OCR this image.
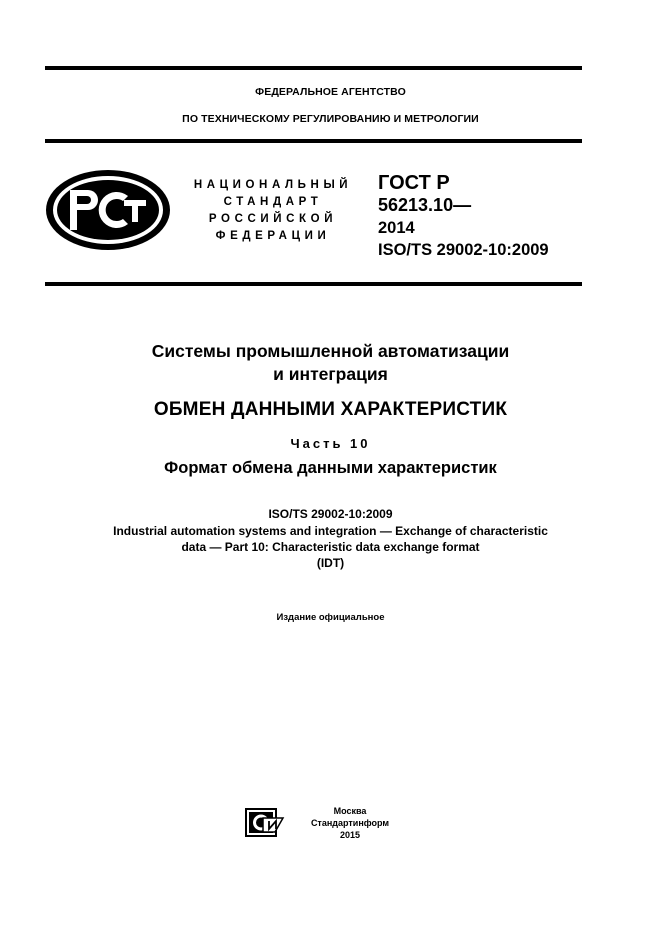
ФЕДЕРАЛЬНОЕ АГЕНТСТВО
ПО ТЕХНИЧЕСКОМУ РЕГУЛИРОВАНИЮ И МЕТРОЛОГИИ
НАЦИОНАЛЬНЫЙ
СТАНДАРТ
РОССИЙСКОЙ
ФЕДЕРАЦИИ
ГОСТ Р
56213.10—
2014
ISO/TS 29002-10:2009
Системы промышленной автоматизации
и интеграция
ОБМЕН ДАННЫМИ ХАРАКТЕРИСТИК
Часть 10
Формат обмена данными характеристик
ISO/TS 29002-10:2009
Industrial automation systems and integration — Exchange of characteristic
data — Part 10: Characteristic data exchange format
(IDT)
Издание официальное
Москва
Стандартинформ
2015
